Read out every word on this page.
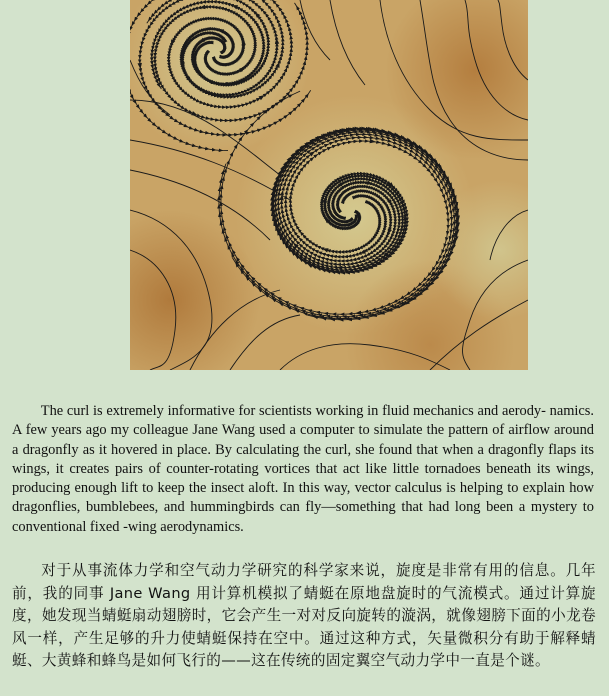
The curl is extremely informative for scientists working in fluid mechanics and aerody- namics. A few years ago my colleague Jane Wang used a computer to simulate the pattern of airflow around a dragonfly as it hovered in place. By calculating the curl, she found that when a dragonfly flaps its wings, it creates pairs of counter-rotating vortices that act like little tornadoes beneath its wings, producing enough lift to keep the insect aloft. In this way, vector calculus is helping to explain how dragonflies, bumblebees, and hummingbirds can fly—something that had long been a mystery to conventional fixed -wing aerodynamics.

对于从事流体力学和空气动力学研究的科学家来说，旋度是非常有用的信息。几年前，我的同事 Jane Wang 用计算机模拟了蜻蜓在原地盘旋时的气流模式。通过计算旋度，她发现当蜻蜓扇动翅膀时，它会产生一对对反向旋转的漩涡，就像翅膀下面的小龙卷风一样，产生足够的升力使蜻蜓保持在空中。通过这种方式，矢量微积分有助于解释蜻蜓、大黄蜂和蜂鸟是如何飞行的——这在传统的固定翼空气动力学中一直是个谜。
